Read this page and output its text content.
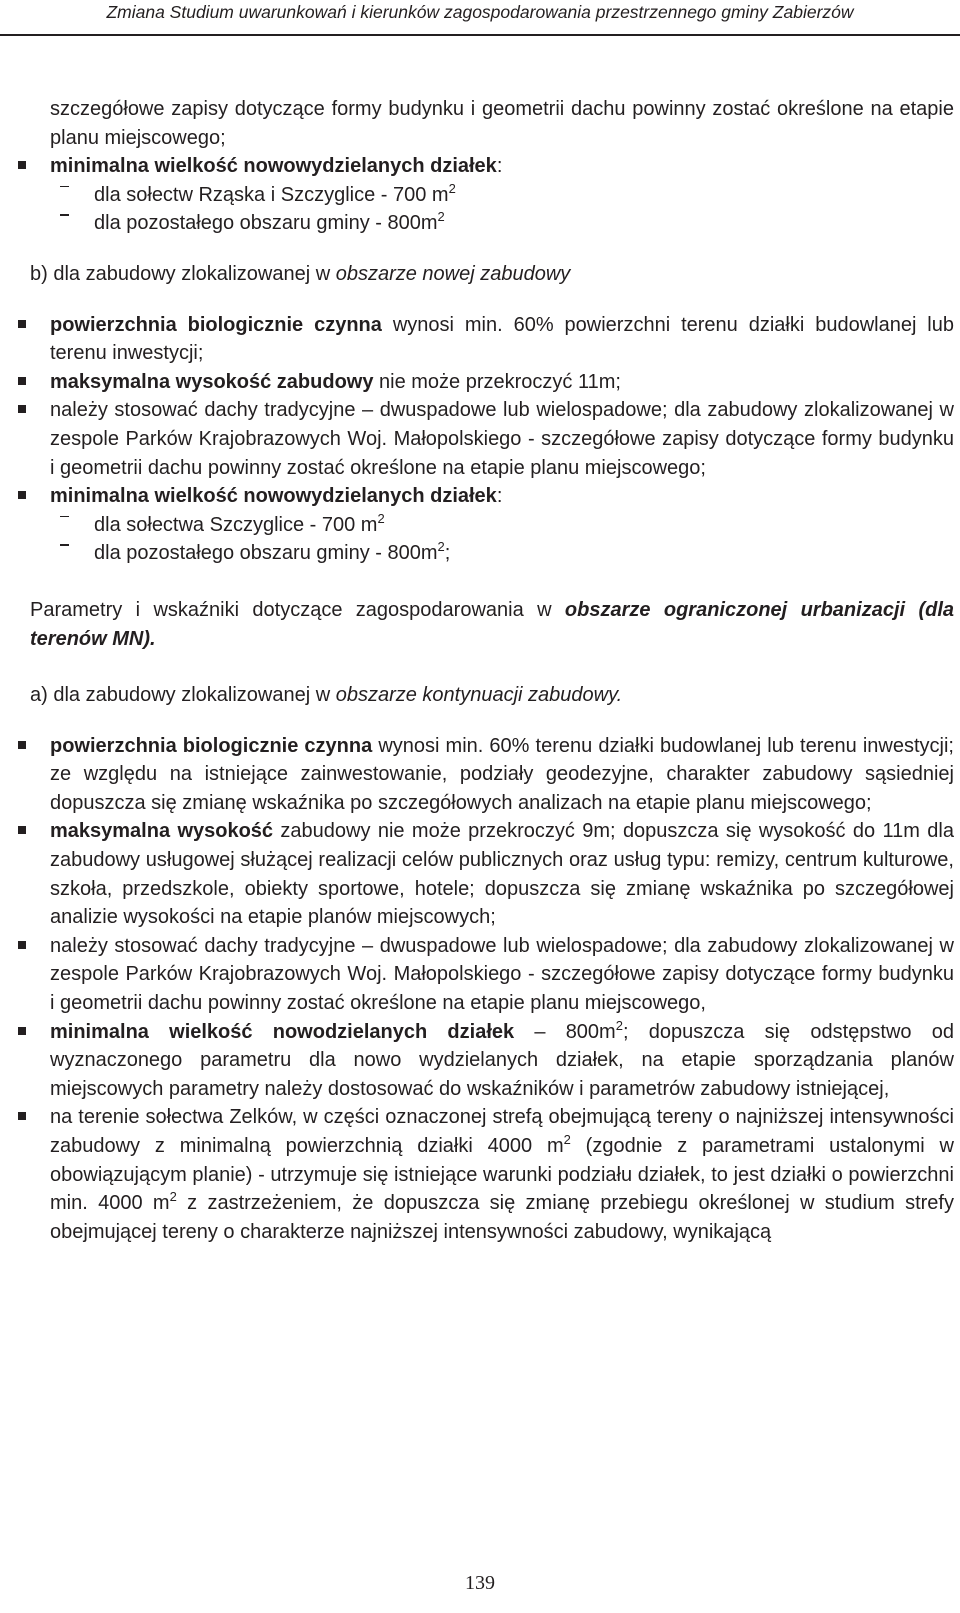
Zmiana Studium uwarunkowań i kierunków zagospodarowania przestrzennego gminy Zabierzów

szczegółowe zapisy dotyczące formy budynku i geometrii dachu powinny zostać określone na etapie planu miejscowego;

minimalna wielkość nowowydzielanych działek:
dla sołectw Rząska i Szczyglice - 700 $m^2$
dla pozostałego obszaru gminy - $800m^2$

b) dla zabudowy zlokalizowanej w obszarze nowej zabudowy

powierzchnia biologicznie czynna wynosi min. 60% powierzchni terenu działki budowlanej lub terenu inwestycji;
maksymalna wysokość zabudowy nie może przekroczyć 11m;
należy stosować dachy tradycyjne – dwuspadowe lub wielospadowe; dla zabudowy zlokalizowanej w zespole Parków Krajobrazowych Woj. Małopolskiego - szczegółowe zapisy dotyczące formy budynku i geometrii dachu powinny zostać określone na etapie planu miejscowego;
minimalna wielkość nowowydzielanych działek:
dla sołectwa Szczyglice - 700 $m^2$
dla pozostałego obszaru gminy - $800m^2$;

Parametry i wskaźniki dotyczące zagospodarowania w obszarze ograniczonej urbanizacji (dla terenów MN).

a) dla zabudowy zlokalizowanej w obszarze kontynuacji zabudowy.

powierzchnia biologicznie czynna wynosi min. 60% terenu działki budowlanej lub terenu inwestycji; ze względu na istniejące zainwestowanie, podziały geodezyjne, charakter zabudowy sąsiedniej dopuszcza się zmianę wskaźnika po szczegółowych analizach na etapie planu miejscowego;
maksymalna wysokość zabudowy nie może przekroczyć 9m; dopuszcza się wysokość do 11m dla zabudowy usługowej służącej realizacji celów publicznych oraz usług typu: remizy, centrum kulturowe, szkoła, przedszkole, obiekty sportowe, hotele; dopuszcza się zmianę wskaźnika po szczegółowej analizie wysokości na etapie planów miejscowych;
należy stosować dachy tradycyjne – dwuspadowe lub wielospadowe; dla zabudowy zlokalizowanej w zespole Parków Krajobrazowych Woj. Małopolskiego - szczegółowe zapisy dotyczące formy budynku i geometrii dachu powinny zostać określone na etapie planu miejscowego,
minimalna wielkość nowodzielanych działek – $800m^2$; dopuszcza się odstępstwo od wyznaczonego parametru dla nowo wydzielanych działek, na etapie sporządzania planów miejscowych parametry należy dostosować do wskaźników i parametrów zabudowy istniejącej,
na terenie sołectwa Zelków, w części oznaczonej strefą obejmującą tereny o najniższej intensywności zabudowy z minimalną powierzchnią działki 4000 $m^2$ (zgodnie z parametrami ustalonymi w obowiązującym planie) - utrzymuje się istniejące warunki podziału działek, to jest działki o powierzchni min. 4000 $m^2$ z zastrzeżeniem, że dopuszcza się zmianę przebiegu określonej w studium strefy obejmującej tereny o charakterze najniższej intensywności zabudowy, wynikającą
139
